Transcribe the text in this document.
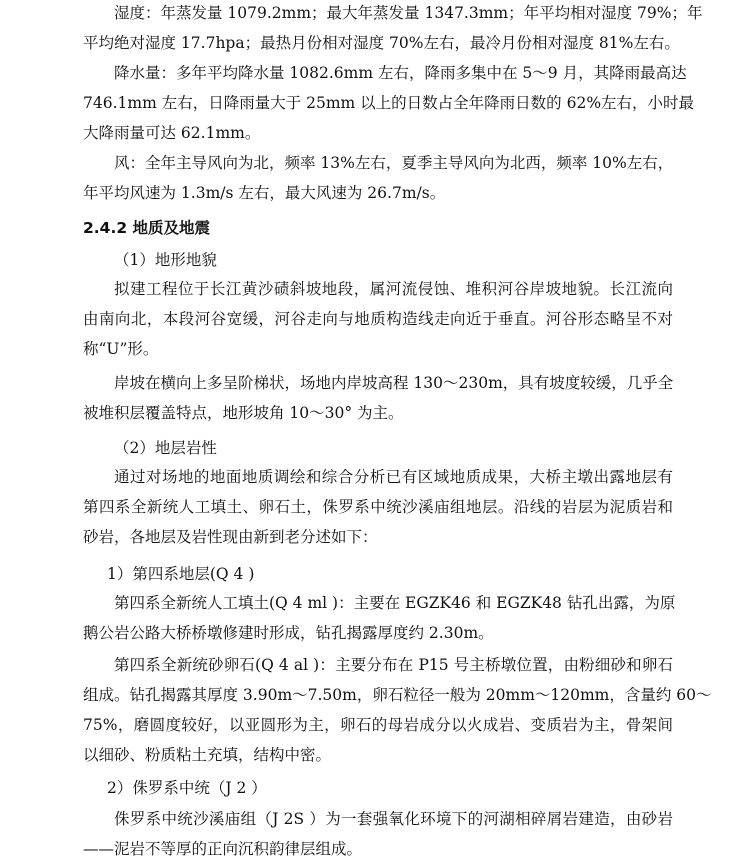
湿度：年蒸发量 1079.2mm；最大年蒸发量 1347.3mm；年平均相对湿度 79%；年
平均绝对湿度 17.7hpa；最热月份相对湿度 70%左右，最冷月份相对湿度 81%左右。
降水量：多年平均降水量 1082.6mm 左右，降雨多集中在 5～9 月，其降雨最高达
746.1mm 左右，日降雨量大于 25mm 以上的日数占全年降雨日数的 62%左右，小时最
大降雨量可达 62.1mm。
风：全年主导风向为北，频率 13%左右，夏季主导风向为北西，频率 10%左右，
年平均风速为 1.3m/s 左右，最大风速为 26.7m/s。
2.4.2 地质及地震
（1）地形地貌
拟建工程位于长江黄沙碛斜坡地段，属河流侵蚀、堆积河谷岸坡地貌。长江流向
由南向北，本段河谷宽缓，河谷走向与地质构造线走向近于垂直。河谷形态略呈不对
称“U”形。
岸坡在横向上多呈阶梯状，场地内岸坡高程 130～230m，具有坡度较缓，几乎全
被堆积层覆盖特点，地形坡角 10～30° 为主。
（2）地层岩性
通过对场地的地面地质调绘和综合分析已有区域地质成果，大桥主墩出露地层有
第四系全新统人工填土、卵石土，侏罗系中统沙溪庙组地层。沿线的岩层为泥质岩和
砂岩，各地层及岩性现由新到老分述如下：
1）第四系地层(Q 4 )
第四系全新统人工填土(Q 4 ml )：主要在 EGZK46 和 EGZK48 钻孔出露，为原
鹅公岩公路大桥桥墩修建时形成，钻孔揭露厚度约 2.30m。
第四系全新统砂卵石(Q 4 al )：主要分布在 P15 号主桥墩位置，由粉细砂和卵石
组成。钻孔揭露其厚度 3.90m～7.50m，卵石粒径一般为 20mm～120mm，含量约 60～
75%，磨圆度较好，以亚圆形为主，卵石的母岩成分以火成岩、变质岩为主，骨架间
以细砂、粉质粘土充填，结构中密。
2）侏罗系中统（J 2 ）
侏罗系中统沙溪庙组（J 2S ）为一套强氧化环境下的河湖相碎屑岩建造，由砂岩
——泥岩不等厚的正向沉积韵律层组成。
